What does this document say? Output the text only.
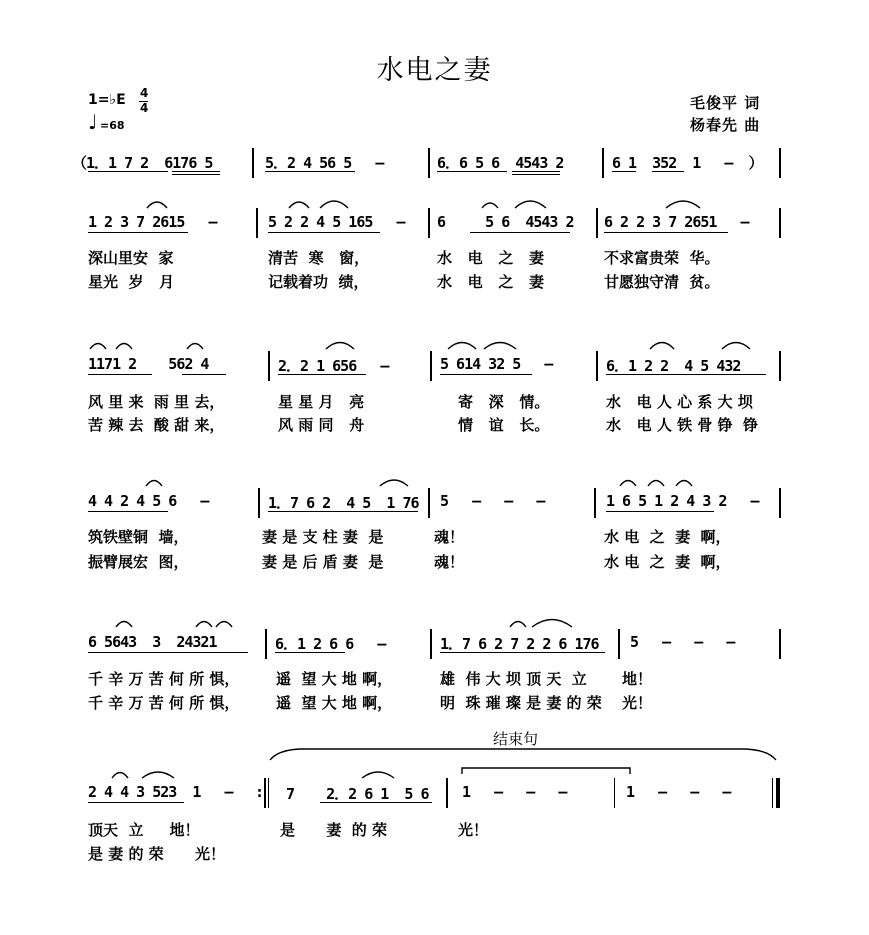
水电之妻
1=♭E 4
4
♩ =68
毛俊平 词
杨春先 曲
（1．1 7 2  6176 5	5．2 4 56 5   –	6．6 5 6  4543 2	6 1  352  1   –  ）
1 2 3 7 2615   –	5 2 2 4 5 165   – 6     5 6  4543 2 6 2 2 3 7 2651   –
深山里安  家	清苦  寒   窗，	水   电   之   妻	不求富贵荣  华。
星光  岁   月	记载着功  绩，	水   电   之   妻	甘愿独守清  贫。
1171 2    562 4	2．2 1 656   –	5 614 32 5   –	6．1 2 2  4 5 432
风 里 来  雨 里 去，	星 星 月   亮	寄   深   情。	水   电 人 心 系 大 坝
苦 辣 去  酸 甜 来，	风 雨 同   舟	情   谊   长。	水   电 人 铁 骨 铮  铮
4 4 2 4 5 6   –	1．7 6 2  4 5  1 76 5   –   –   –	1 6 5 1 2 4 3 2   –
筑铁壁铜  墙，	妻 是 支 柱 妻  是	魂！	水 电  之  妻  啊，
振臂展宏  图，	妻 是 后 盾 妻  是	魂！	水 电  之  妻  啊，
6 5643  3  24321	6．1 2 6 6   –	1．7 6 2 7 2 2 6 176 5   –   –   –
千 辛 万 苦 何 所 惧， 遥  望 大 地 啊，	雄  伟 大 坝 顶 天  立 地！
千 辛 万 苦 何 所 惧， 遥  望 大 地 啊，	明  珠 璀 璨 是 妻 的 荣 光！
结束句
2 4 4 3 523  1   –	7    2．2 6 1  5 6 1   –   –   –	1   –   –   –
顶天  立     地！	是      妻  的 荣	光！
是 妻 的 荣      光！
:
